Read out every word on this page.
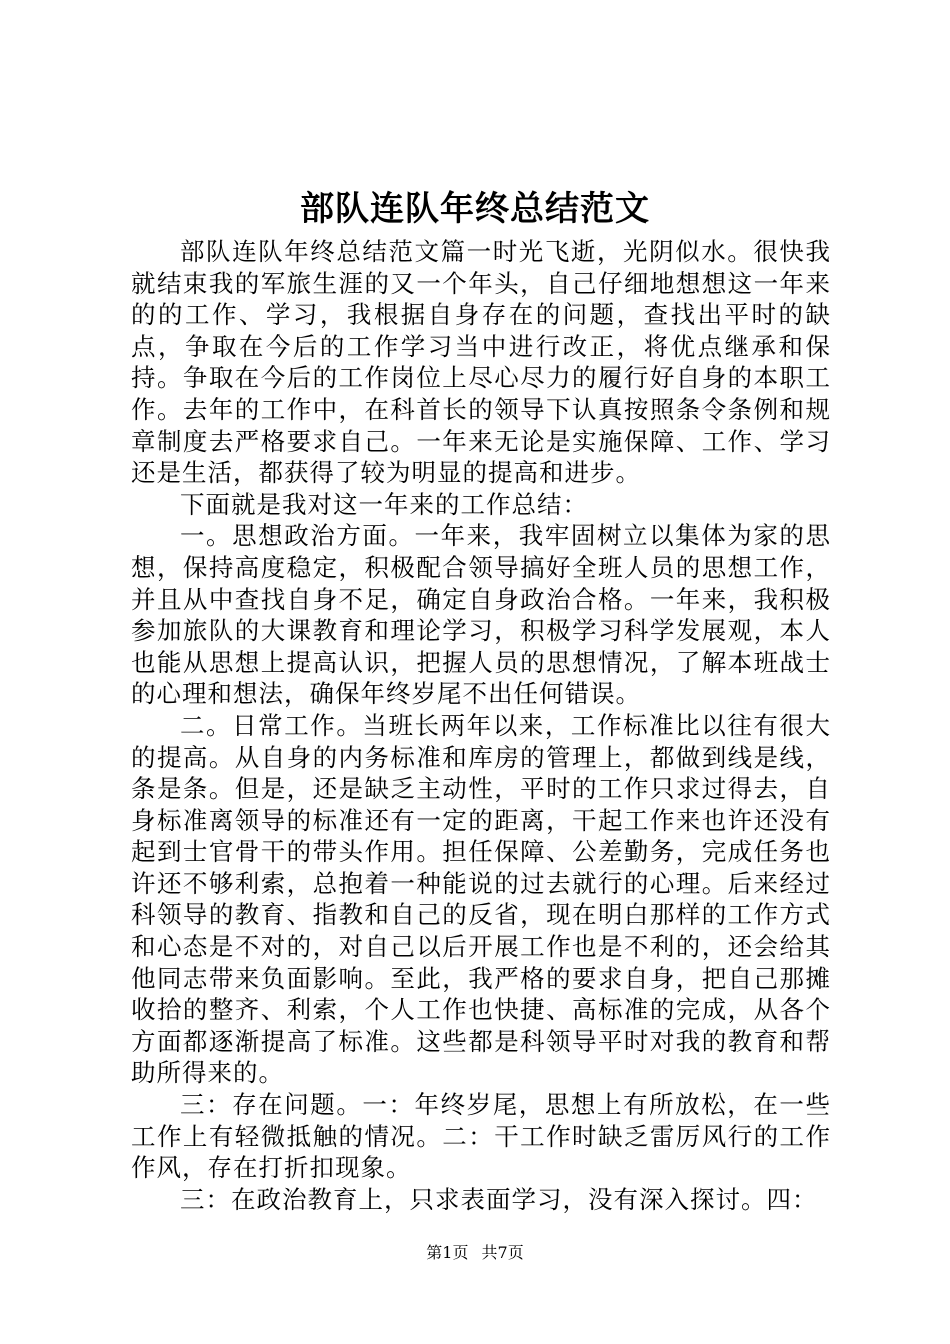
部队连队年终总结范文

部队连队年终总结范文篇一时光飞逝，光阴似水。很快我就结束我的军旅生涯的又一个年头，自己仔细地想想这一年来的的工作、学习，我根据自身存在的问题，查找出平时的缺点，争取在今后的工作学习当中进行改正，将优点继承和保持。争取在今后的工作岗位上尽心尽力的履行好自身的本职工作。去年的工作中，在科首长的领导下认真按照条令条例和规章制度去严格要求自己。一年来无论是实施保障、工作、学习还是生活，都获得了较为明显的提高和进步。

下面就是我对这一年来的工作总结：

一。思想政治方面。一年来，我牢固树立以集体为家的思想，保持高度稳定，积极配合领导搞好全班人员的思想工作，并且从中查找自身不足，确定自身政治合格。一年来，我积极参加旅队的大课教育和理论学习，积极学习科学发展观，本人也能从思想上提高认识，把握人员的思想情况，了解本班战士的心理和想法，确保年终岁尾不出任何错误。

二。日常工作。当班长两年以来，工作标准比以往有很大的提高。从自身的内务标准和库房的管理上，都做到线是线，条是条。但是，还是缺乏主动性，平时的工作只求过得去，自身标准离领导的标准还有一定的距离，干起工作来也许还没有起到士官骨干的带头作用。担任保障、公差勤务，完成任务也许还不够利索，总抱着一种能说的过去就行的心理。后来经过科领导的教育、指教和自己的反省，现在明白那样的工作方式和心态是不对的，对自己以后开展工作也是不利的，还会给其他同志带来负面影响。至此，我严格的要求自身，把自己那摊收拾的整齐、利索，个人工作也快捷、高标准的完成，从各个方面都逐渐提高了标准。这些都是科领导平时对我的教育和帮助所得来的。

三：存在问题。一：年终岁尾，思想上有所放松，在一些工作上有轻微抵触的情况。二：干工作时缺乏雷厉风行的工作作风，存在打折扣现象。

三：在政治教育上，只求表面学习，没有深入探讨。四：

第1页 共7页
